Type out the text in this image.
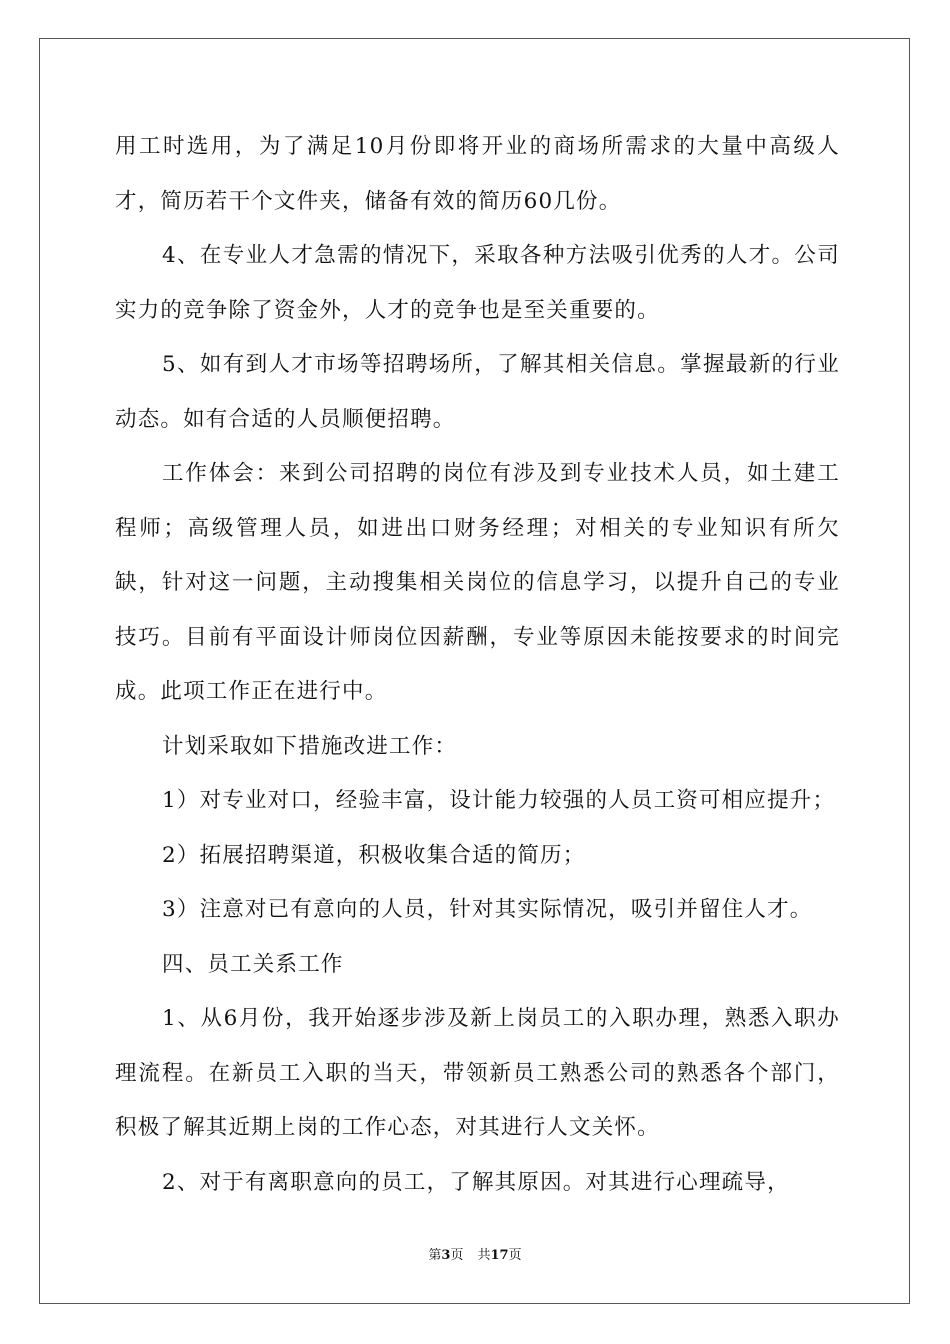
用工时选用，为了满足10月份即将开业的商场所需求的大量中高级人才，简历若干个文件夹，储备有效的简历60几份。

4、在专业人才急需的情况下，采取各种方法吸引优秀的人才。公司实力的竞争除了资金外，人才的竞争也是至关重要的。

5、如有到人才市场等招聘场所，了解其相关信息。掌握最新的行业动态。如有合适的人员顺便招聘。

工作体会：来到公司招聘的岗位有涉及到专业技术人员，如土建工程师；高级管理人员，如进出口财务经理；对相关的专业知识有所欠缺，针对这一问题，主动搜集相关岗位的信息学习，以提升自己的专业技巧。目前有平面设计师岗位因薪酬，专业等原因未能按要求的时间完成。此项工作正在进行中。

计划采取如下措施改进工作：

1）对专业对口，经验丰富，设计能力较强的人员工资可相应提升；

2）拓展招聘渠道，积极收集合适的简历；

3）注意对已有意向的人员，针对其实际情况，吸引并留住人才。

四、员工关系工作

1、从6月份，我开始逐步涉及新上岗员工的入职办理，熟悉入职办理流程。在新员工入职的当天，带领新员工熟悉公司的熟悉各个部门，积极了解其近期上岗的工作心态，对其进行人文关怀。

2、对于有离职意向的员工，了解其原因。对其进行心理疏导，

第3页 共17页
